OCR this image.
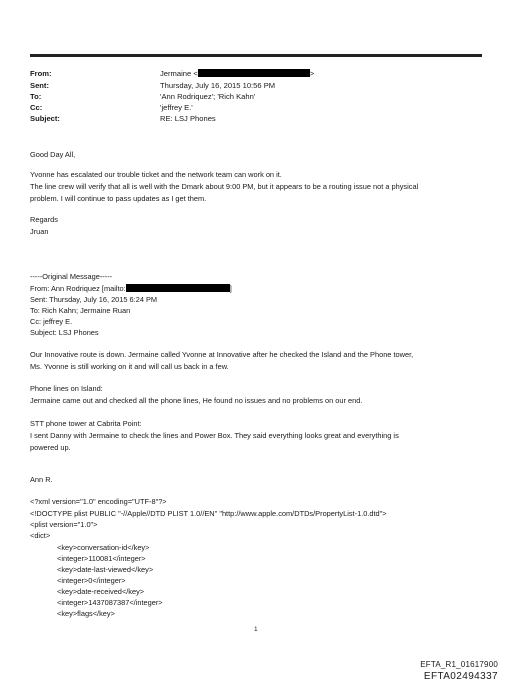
From:	Jermaine <	>
Sent:	Thursday, July 16, 2015 10:56 PM
To:	'Ann Rodriquez'; 'Rich Kahn'
Cc:	'jeffrey E.'
Subject:	RE: LSJ Phones
Good Day All,
Yvonne has escalated our trouble ticket and the network team can work on it.
The line crew will verify that all is well with the Dmark about 9:00 PM, but it appears to be a routing issue not a physical
problem. I will continue to pass updates as I get them.
Regards
Jruan
-----Original Message-----
From: Ann Rodriquez [mailto:	]
Sent: Thursday, July 16, 2015 6:24 PM
To: Rich Kahn; Jermaine Ruan
Cc: jeffrey E.
Subject: LSJ Phones
Our Innovative route is down. Jermaine called Yvonne at Innovative after he checked the Island and the Phone tower,
Ms. Yvonne is still working on it and will call us back in a few.
Phone lines on Island:
Jermaine came out and checked all the phone lines, He found no issues and no problems on our end.
STT phone tower at Cabrita Point:
I sent Danny with Jermaine to check the lines and Power Box. They said everything looks great and everything is
powered up.
Ann R.
<?xml version="1.0" encoding="UTF-8"?>
<!DOCTYPE plist PUBLIC "-//Apple//DTD PLIST 1.0//EN" "http://www.apple.com/DTDs/PropertyList-1.0.dtd">
<plist version="1.0">
<dict>
<key>conversation-id</key>
<integer>110081</integer>
<key>date-last-viewed</key>
<integer>0</integer>
<key>date-received</key>
<integer>1437087387</integer>
<key>flags</key>
1
EFTA_R1_01617900
EFTA02494337
